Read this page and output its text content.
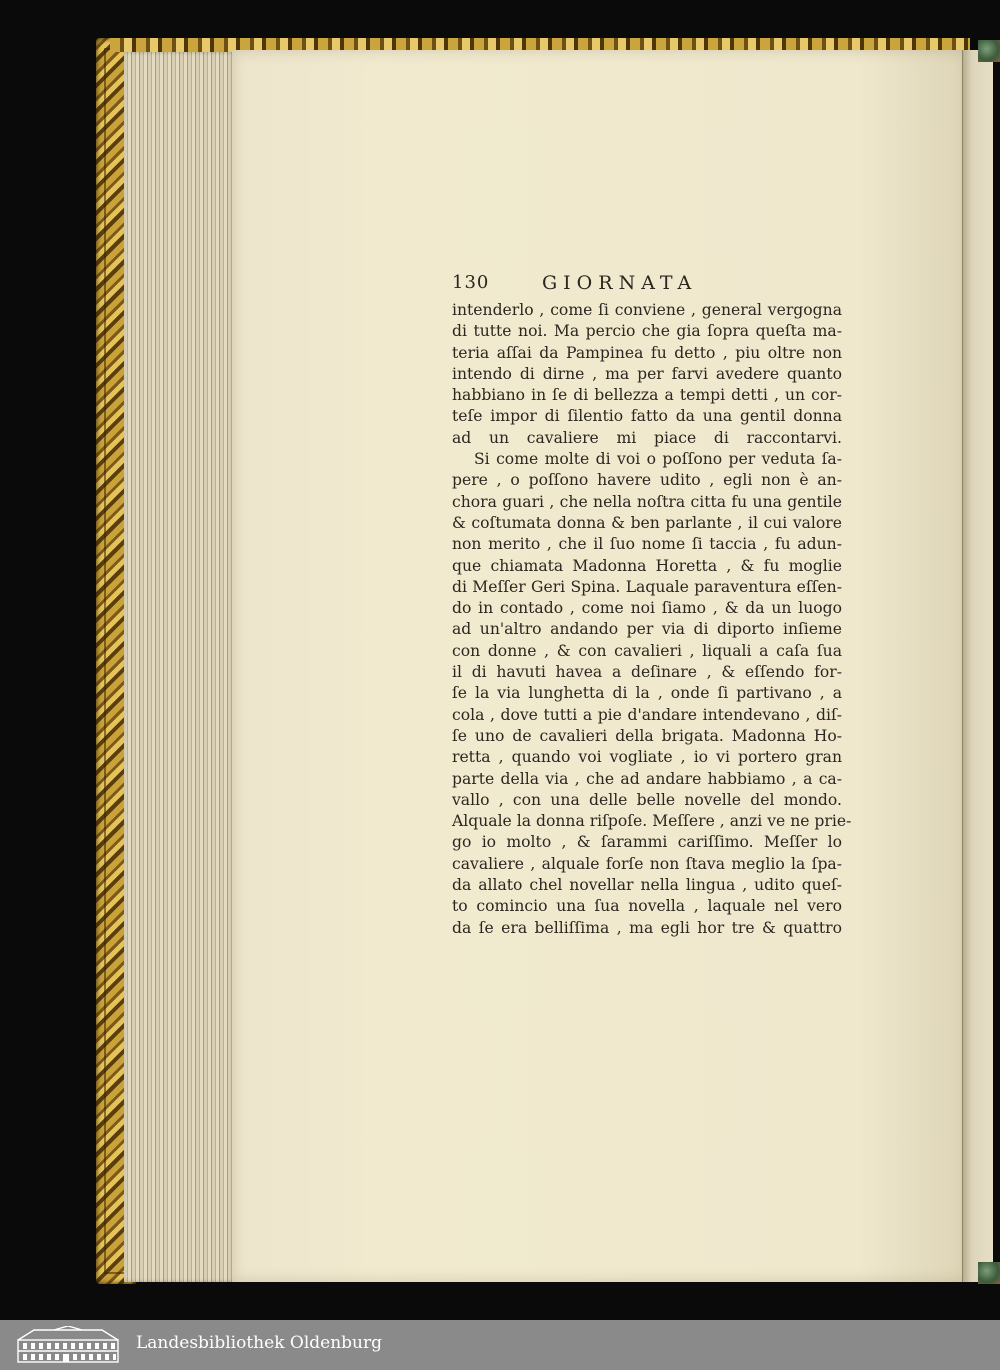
130	GIORNATA
intenderlo , come ſi conviene , general vergogna
di tutte noi. Ma percio che gia ſopra queſta ma-
teria aſſai da Pampinea fu detto , piu oltre non
intendo di dirne , ma per farvi avedere quanto
habbiano in ſe di bellezza a tempi detti , un cor-
teſe impor di ſilentio fatto da una gentil donna
ad un cavaliere mi piace di raccontarvi.
Si come molte di voi o poſſono per veduta ſa-
pere , o poſſono havere udito , egli non è an-
chora guari , che nella noſtra citta fu una gentile
& coſtumata donna & ben parlante , il cui valore
non merito , che il ſuo nome ſi taccia , fu adun-
que chiamata Madonna Horetta , & fu moglie
di Meſſer Geri Spina. Laquale paraventura eſſen-
do in contado , come noi ſiamo , & da un luogo
ad un'altro andando per via di diporto inſieme
con donne , & con cavalieri , liquali a caſa ſua
il di havuti havea a deſinare , & eſſendo for-
ſe la via lunghetta di la , onde ſi partivano , a
cola , dove tutti a pie d'andare intendevano , diſ-
ſe uno de cavalieri della brigata. Madonna Ho-
retta , quando voi vogliate , io vi portero gran
parte della via , che ad andare habbiamo , a ca-
vallo , con una delle belle novelle del mondo.
Alquale la donna riſpoſe. Meſſere , anzi ve ne prie-
go io molto , & ſarammi cariſſimo. Meſſer lo
cavaliere , alquale forſe non ſtava meglio la ſpa-
da allato chel novellar nella lingua , udito queſ-
to comincio una ſua novella , laquale nel vero
da ſe era belliſſima , ma egli hor tre & quattro
Landesbibliothek Oldenburg
